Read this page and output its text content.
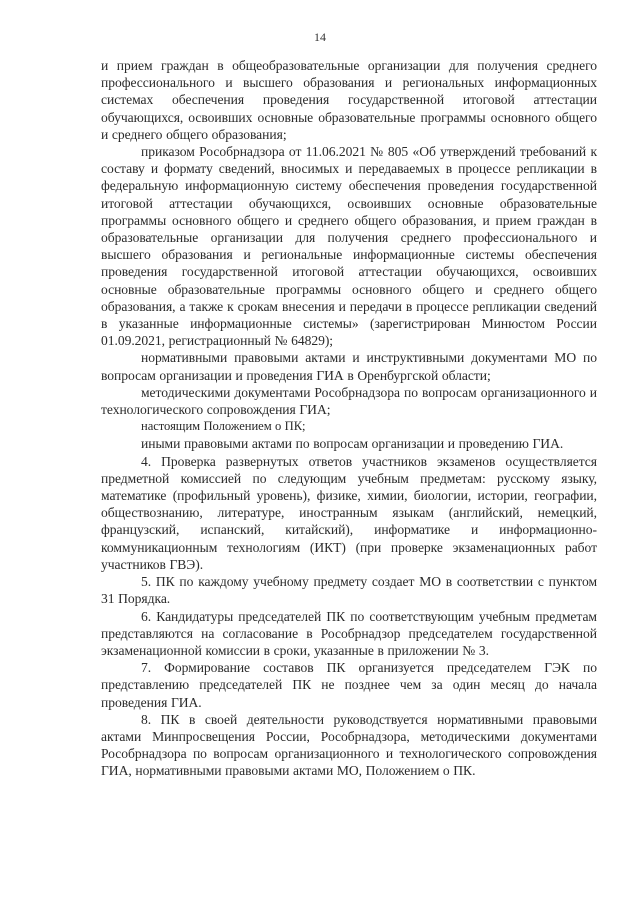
14

и прием граждан в общеобразовательные организации для получения среднего профессионального и высшего образования и региональных информационных системах обеспечения проведения государственной итоговой аттестации обучающихся, освоивших основные образовательные программы основного общего и среднего общего образования;

приказом Рособрнадзора от 11.06.2021 № 805 «Об утверждений требований к составу и формату сведений, вносимых и передаваемых в процессе репликации в федеральную информационную систему обеспечения проведения государственной итоговой аттестации обучающихся, освоивших основные образовательные программы основного общего и среднего общего образования, и прием граждан в образовательные организации для получения среднего профессионального и высшего образования и региональные информационные системы обеспечения проведения государственной итоговой аттестации обучающихся, освоивших основные образовательные программы основного общего и среднего общего образования, а также к срокам внесения и передачи в процессе репликации сведений в указанные информационные системы» (зарегистрирован Минюстом России 01.09.2021, регистрационный № 64829);

нормативными правовыми актами и инструктивными документами МО по вопросам организации и проведения ГИА в Оренбургской области;

методическими документами Рособрнадзора по вопросам организационного и технологического сопровождения ГИА;

настоящим Положением о ПК;

иными правовыми актами по вопросам организации и проведению ГИА.

4. Проверка развернутых ответов участников экзаменов осуществляется предметной комиссией по следующим учебным предметам: русскому языку, математике (профильный уровень), физике, химии, биологии, истории, географии, обществознанию, литературе, иностранным языкам (английский, немецкий, французский, испанский, китайский), информатике и информационно-коммуникационным технологиям (ИКТ) (при проверке экзаменационных работ участников ГВЭ).

5. ПК по каждому учебному предмету создает МО в соответствии с пунктом 31 Порядка.

6. Кандидатуры председателей ПК по соответствующим учебным предметам представляются на согласование в Рособрнадзор председателем государственной экзаменационной комиссии в сроки, указанные в приложении № 3.

7. Формирование составов ПК организуется председателем ГЭК по представлению председателей ПК не позднее чем за один месяц до начала проведения ГИА.

8. ПК в своей деятельности руководствуется нормативными правовыми актами Минпросвещения России, Рособрнадзора, методическими документами Рособрнадзора по вопросам организационного и технологического сопровождения ГИА, нормативными правовыми актами МО, Положением о ПК.
